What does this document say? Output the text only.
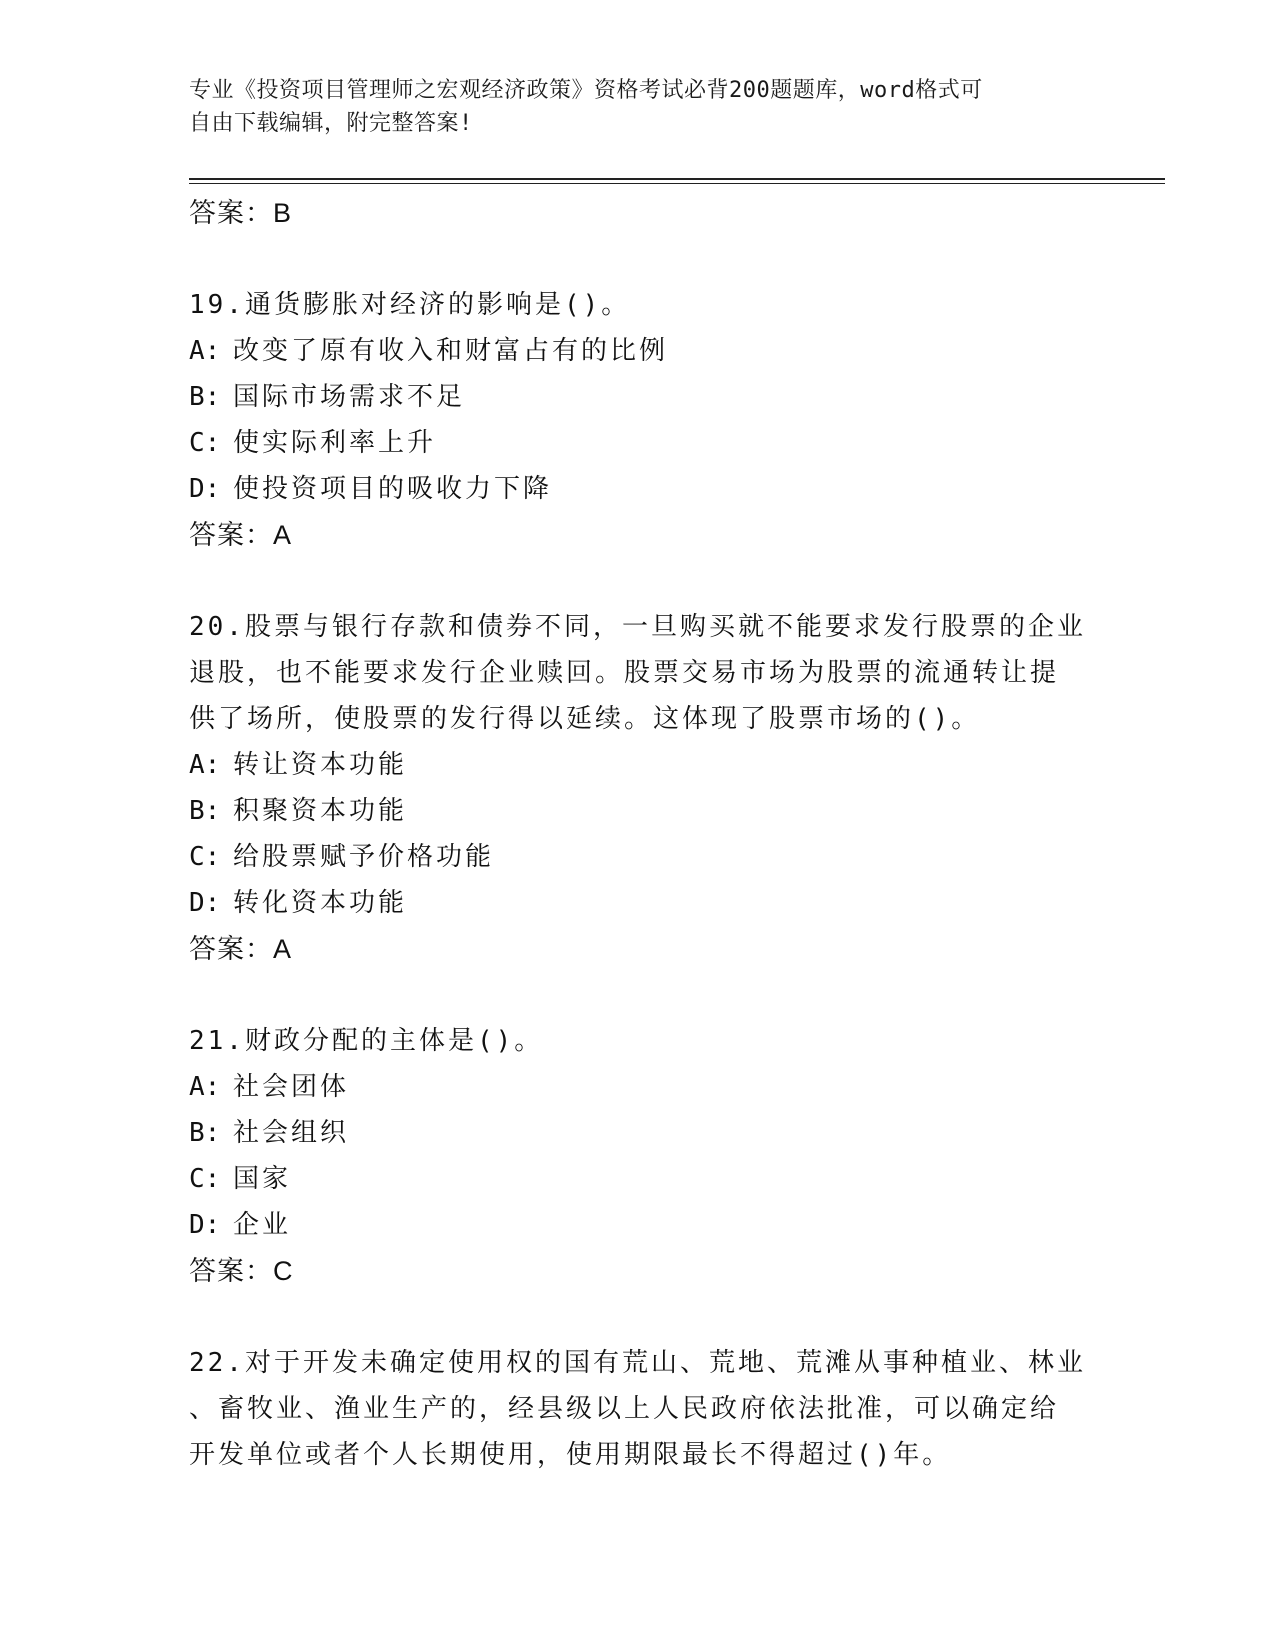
专业《投资项目管理师之宏观经济政策》资格考试必背200题题库，word格式可
自由下载编辑，附完整答案!
答案：B
19.通货膨胀对经济的影响是()。
A: 改变了原有收入和财富占有的比例
B: 国际市场需求不足
C: 使实际利率上升
D: 使投资项目的吸收力下降
答案：A
20.股票与银行存款和债券不同，一旦购买就不能要求发行股票的企业
退股，也不能要求发行企业赎回。股票交易市场为股票的流通转让提
供了场所，使股票的发行得以延续。这体现了股票市场的()。
A: 转让资本功能
B: 积聚资本功能
C: 给股票赋予价格功能
D: 转化资本功能
答案：A
21.财政分配的主体是()。
A: 社会团体
B: 社会组织
C: 国家
D: 企业
答案：C
22.对于开发未确定使用权的国有荒山、荒地、荒滩从事种植业、林业
、畜牧业、渔业生产的，经县级以上人民政府依法批准，可以确定给
开发单位或者个人长期使用，使用期限最长不得超过()年。
